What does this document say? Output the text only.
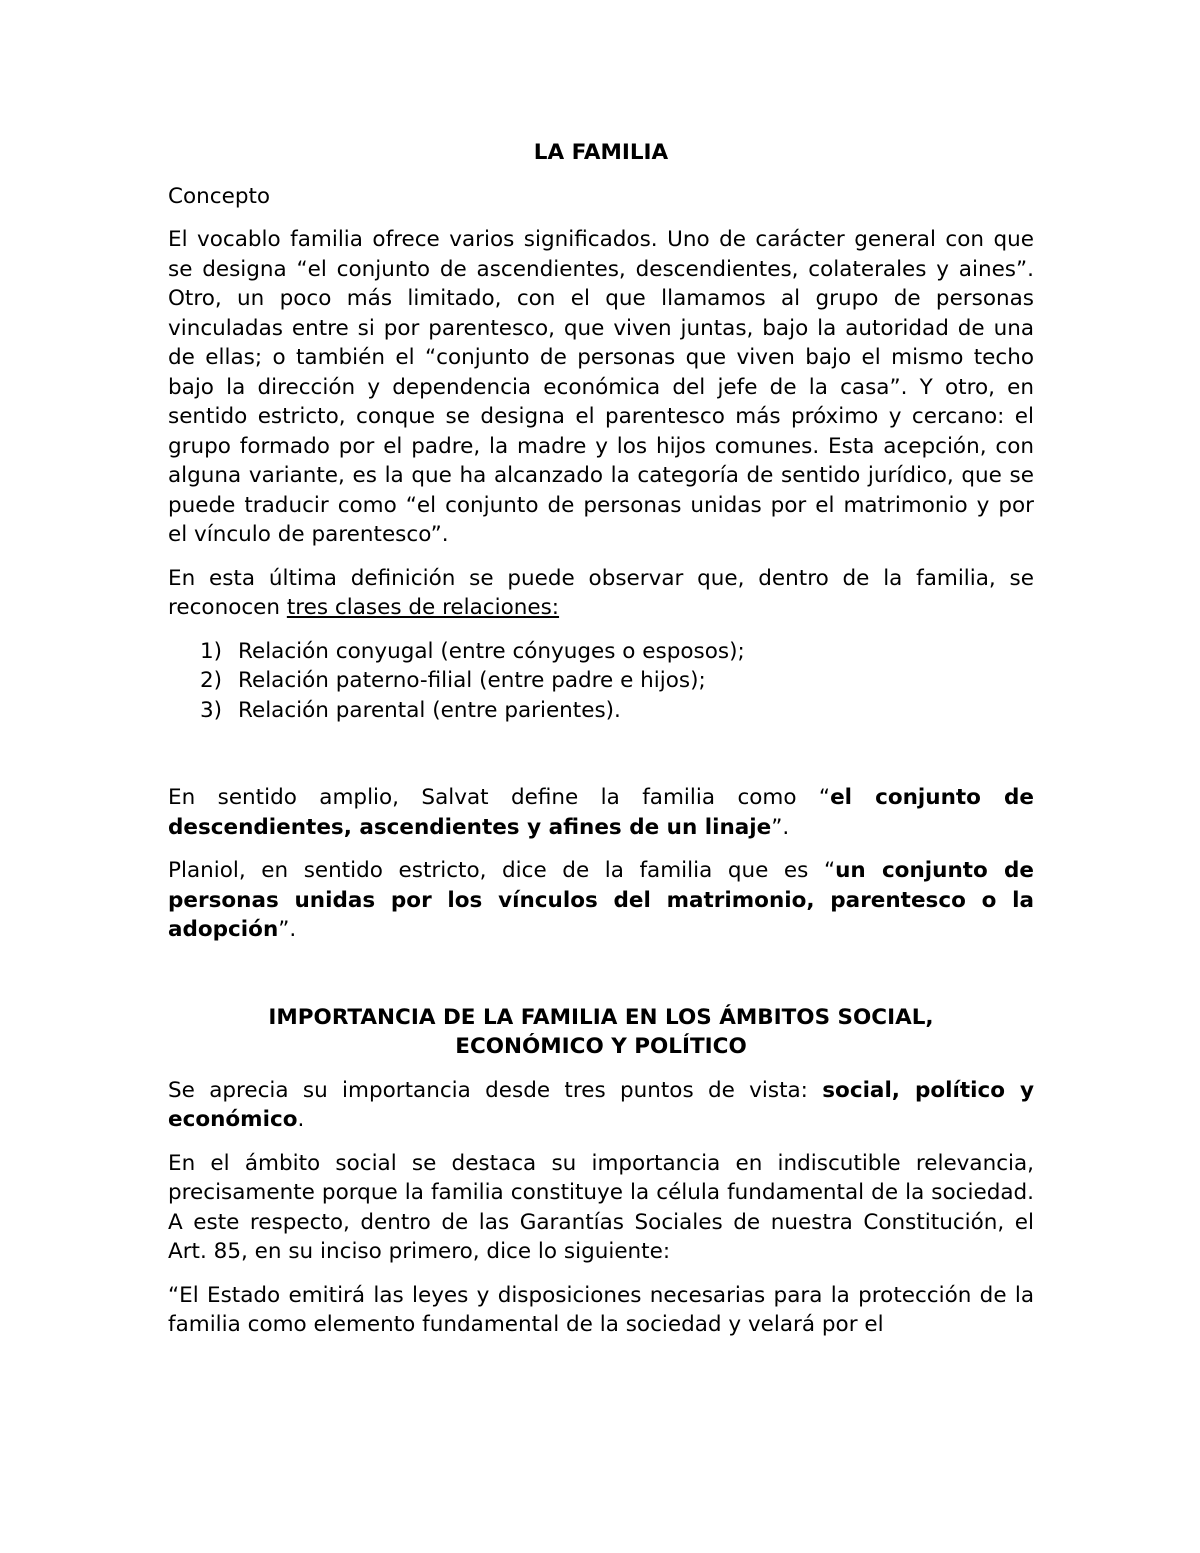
LA FAMILIA
Concepto

El vocablo familia ofrece varios significados. Uno de carácter general con que se designa “el conjunto de ascendientes, descendientes, colaterales y aines”. Otro, un poco más limitado, con el que llamamos al grupo de personas vinculadas entre si por parentesco, que viven juntas, bajo la autoridad de una de ellas; o también el “conjunto de personas que viven bajo el mismo techo bajo la dirección y dependencia económica del jefe de la casa”. Y otro, en sentido estricto, conque se designa el parentesco más próximo y cercano: el grupo formado por el padre, la madre y los hijos comunes. Esta acepción, con alguna variante, es la que ha alcanzado la categoría de sentido jurídico, que se puede traducir como “el conjunto de personas unidas por el matrimonio y por el vínculo de parentesco”.

En esta última definición se puede observar que, dentro de la familia, se reconocen tres clases de relaciones:

1) Relación conyugal (entre cónyuges o esposos);
2) Relación paterno-filial (entre padre e hijos);
3) Relación parental (entre parientes).

En sentido amplio, Salvat define la familia como “el conjunto de descendientes, ascendientes y afines de un linaje”.

Planiol, en sentido estricto, dice de la familia que es “un conjunto de personas unidas por los vínculos del matrimonio, parentesco o la adopción”.

IMPORTANCIA DE LA FAMILIA EN LOS ÁMBITOS SOCIAL,
ECONÓMICO Y POLÍTICO

Se aprecia su importancia desde tres puntos de vista: social, político y económico.

En el ámbito social se destaca su importancia en indiscutible relevancia, precisamente porque la familia constituye la célula fundamental de la sociedad. A este respecto, dentro de las Garantías Sociales de nuestra Constitución, el Art. 85, en su inciso primero, dice lo siguiente:

“El Estado emitirá las leyes y disposiciones necesarias para la protección de la familia como elemento fundamental de la sociedad y velará por el
